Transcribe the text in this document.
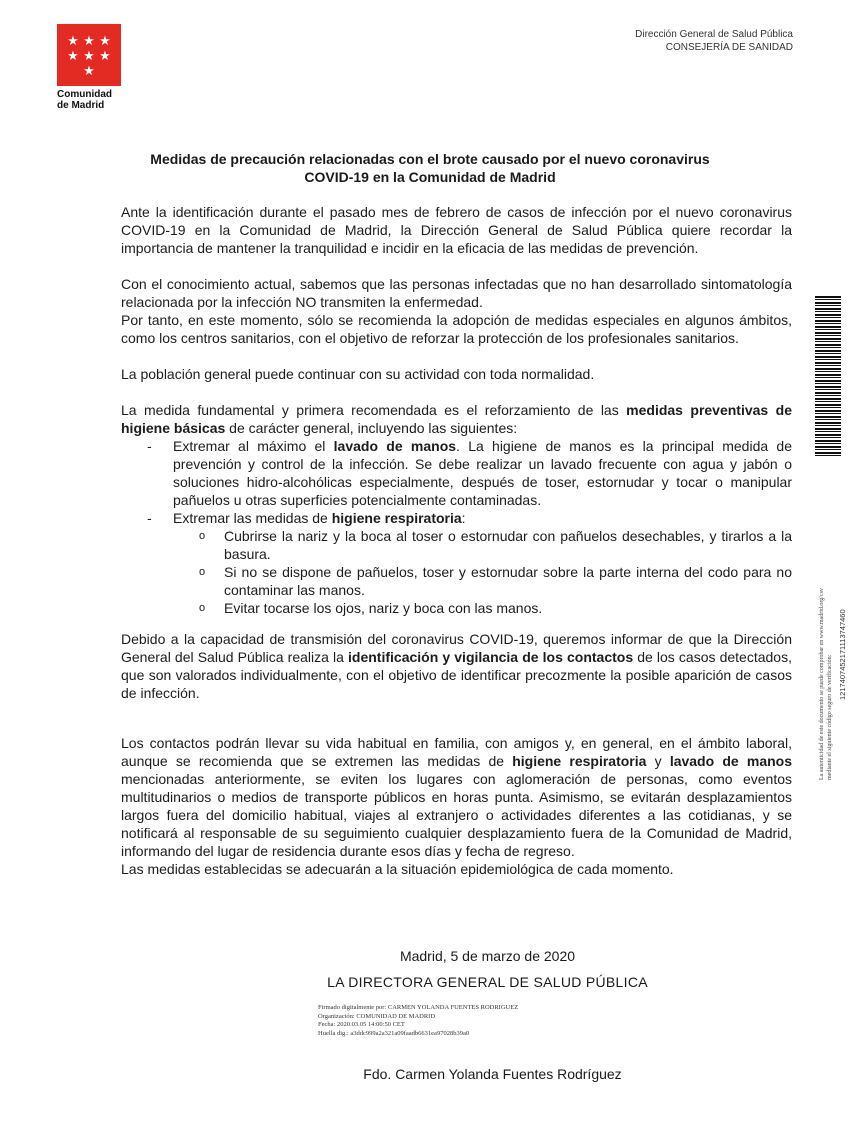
★ ★ ★
★ ★ ★
★
Comunidad
de Madrid
Dirección General de Salud Pública
CONSEJERÍA DE SANIDAD
Medidas de precaución relacionadas con el brote causado por el nuevo coronavirus
COVID-19 en la Comunidad de Madrid

Ante la identificación durante el pasado mes de febrero de casos de infección por el nuevo coronavirus COVID-19 en la Comunidad de Madrid, la Dirección General de Salud Pública quiere recordar la importancia de mantener la tranquilidad e incidir en la eficacia de las medidas de prevención.

Con el conocimiento actual, sabemos que las personas infectadas que no han desarrollado sintomatología relacionada por la infección NO transmiten la enfermedad.

Por tanto, en este momento, sólo se recomienda la adopción de medidas especiales en algunos ámbitos, como los centros sanitarios, con el objetivo de reforzar la protección de los profesionales sanitarios.

La población general puede continuar con su actividad con toda normalidad.

La medida fundamental y primera recomendada es el reforzamiento de las medidas preventivas de higiene básicas de carácter general, incluyendo las siguientes:

-	Extremar al máximo el lavado de manos. La higiene de manos es la principal medida de prevención y control de la infección. Se debe realizar un lavado frecuente con agua y jabón o soluciones hidro-alcohólicas especialmente, después de toser, estornudar y tocar o manipular pañuelos u otras superficies potencialmente contaminadas.
-	Extremar las medidas de higiene respiratoria:
o	Cubrirse la nariz y la boca al toser o estornudar con pañuelos desechables, y tirarlos a la basura.
o	Si no se dispone de pañuelos, toser y estornudar sobre la parte interna del codo para no contaminar las manos.
o	Evitar tocarse los ojos, nariz y boca con las manos.

Debido a la capacidad de transmisión del coronavirus COVID-19, queremos informar de que la Dirección General del Salud Pública realiza la identificación y vigilancia de los contactos de los casos detectados, que son valorados individualmente, con el objetivo de identificar precozmente la posible aparición de casos de infección.

Los contactos podrán llevar su vida habitual en familia, con amigos y, en general, en el ámbito laboral, aunque se recomienda que se extremen las medidas de higiene respiratoria y lavado de manos mencionadas anteriormente, se eviten los lugares con aglomeración de personas, como eventos multitudinarios o medios de transporte públicos en horas punta. Asimismo, se evitarán desplazamientos largos fuera del domicilio habitual, viajes al extranjero o actividades diferentes a las cotidianas, y se notificará al responsable de su seguimiento cualquier desplazamiento fuera de la Comunidad de Madrid, informando del lugar de residencia durante esos días y fecha de regreso.

Las medidas establecidas se adecuarán a la situación epidemiológica de cada momento.

Madrid, 5 de marzo de 2020
LA DIRECTORA GENERAL DE SALUD PÚBLICA
Firmado digitalmente por: CARMEN YOLANDA FUENTES RODRIGUEZ
Organización: COMUNIDAD DE MADRID
Fecha: 2020.03.05 14:00:50 CET
Huella dig.: a3ddc999a2a321a09faadb6631ea97028b39a0
Fdo. Carmen Yolanda Fuentes Rodríguez
1217407452171113747460
La autenticidad de este documento se puede comprobar en www.madrid.org/csv mediante el siguiente código seguro de verificación:
